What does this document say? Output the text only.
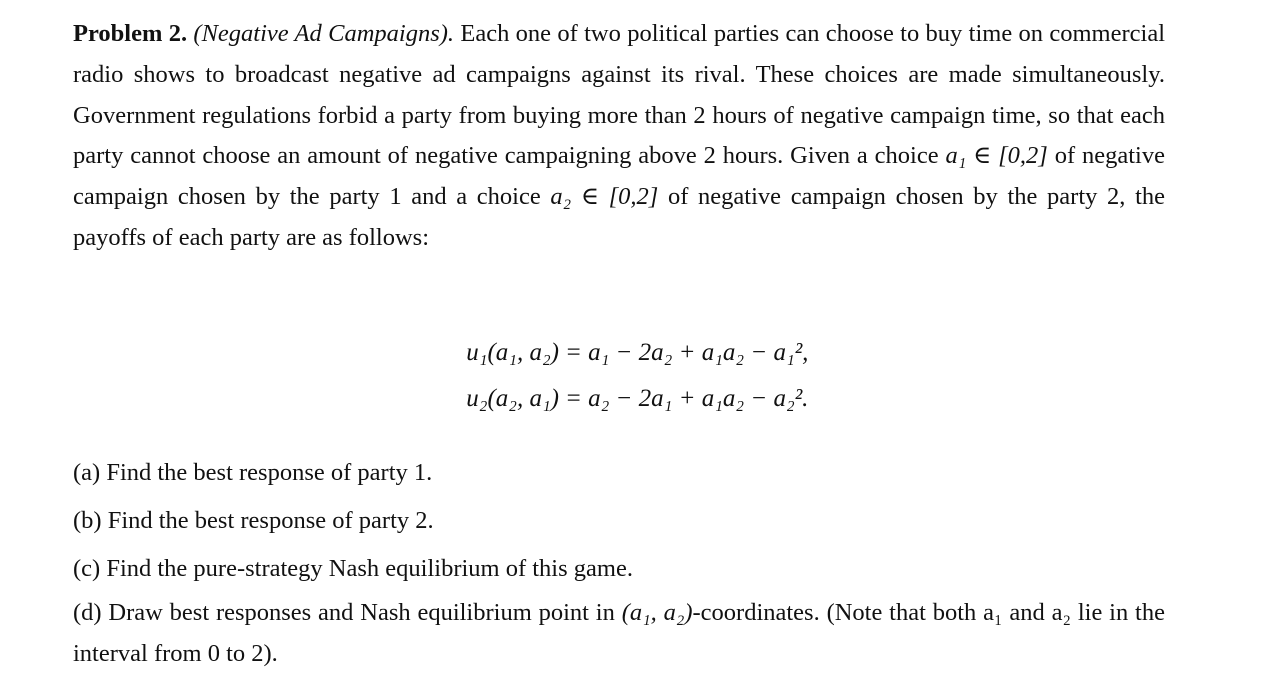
Problem 2. (Negative Ad Campaigns). Each one of two political parties can choose to buy time on commercial radio shows to broadcast negative ad campaigns against its rival. These choices are made simultaneously. Government regulations forbid a party from buying more than 2 hours of negative campaign time, so that each party cannot choose an amount of negative campaigning above 2 hours. Given a choice a₁ ∈ [0,2] of negative campaign chosen by the party 1 and a choice a₂ ∈ [0,2] of negative campaign chosen by the party 2, the payoffs of each party are as follows:
u₁(a₁, a₂) = a₁ − 2a₂ + a₁a₂ − a₁²,
u₂(a₂, a₁) = a₂ − 2a₁ + a₁a₂ − a₂².
(a) Find the best response of party 1.
(b) Find the best response of party 2.
(c) Find the pure-strategy Nash equilibrium of this game.
(d) Draw best responses and Nash equilibrium point in (a₁, a₂)-coordinates. (Note that both a₁ and a₂ lie in the interval from 0 to 2).
